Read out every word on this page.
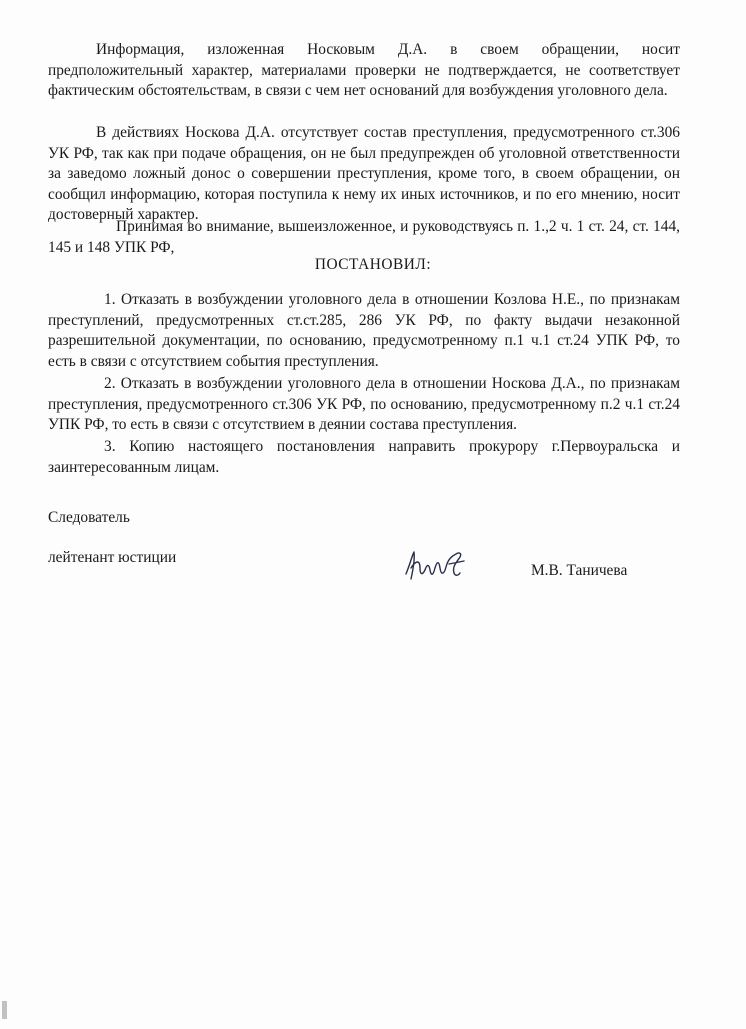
Информация, изложенная Носковым Д.А. в своем обращении, носит предположительный характер, материалами проверки не подтверждается, не соответствует фактическим обстоятельствам, в связи с чем нет оснований для возбуждения уголовного дела.

В действиях Носкова Д.А. отсутствует состав преступления, предусмотренного ст.306 УК РФ, так как при подаче обращения, он не был предупрежден об уголовной ответственности за заведомо ложный донос о совершении преступления, кроме того, в своем обращении, он сообщил информацию, которая поступила к нему их иных источников, и по его мнению, носит достоверный характер.

Принимая во внимание, вышеизложенное, и руководствуясь п. 1.,2 ч. 1 ст. 24, ст. 144, 145 и 148 УПК РФ,

ПОСТАНОВИЛ:

1. Отказать в возбуждении уголовного дела в отношении Козлова Н.Е., по признакам преступлений, предусмотренных ст.ст.285, 286 УК РФ, по факту выдачи незаконной разрешительной документации, по основанию, предусмотренному п.1 ч.1 ст.24 УПК РФ, то есть в связи с отсутствием события преступления.

2. Отказать в возбуждении уголовного дела в отношении Носкова Д.А., по признакам преступления, предусмотренного ст.306 УК РФ, по основанию, предусмотренному п.2 ч.1 ст.24 УПК РФ, то есть в связи с отсутствием в деянии состава преступления.

3. Копию настоящего постановления направить прокурору г.Первоуральска и заинтересованным лицам.

Следователь
лейтенант юстиции
М.В. Таничева
